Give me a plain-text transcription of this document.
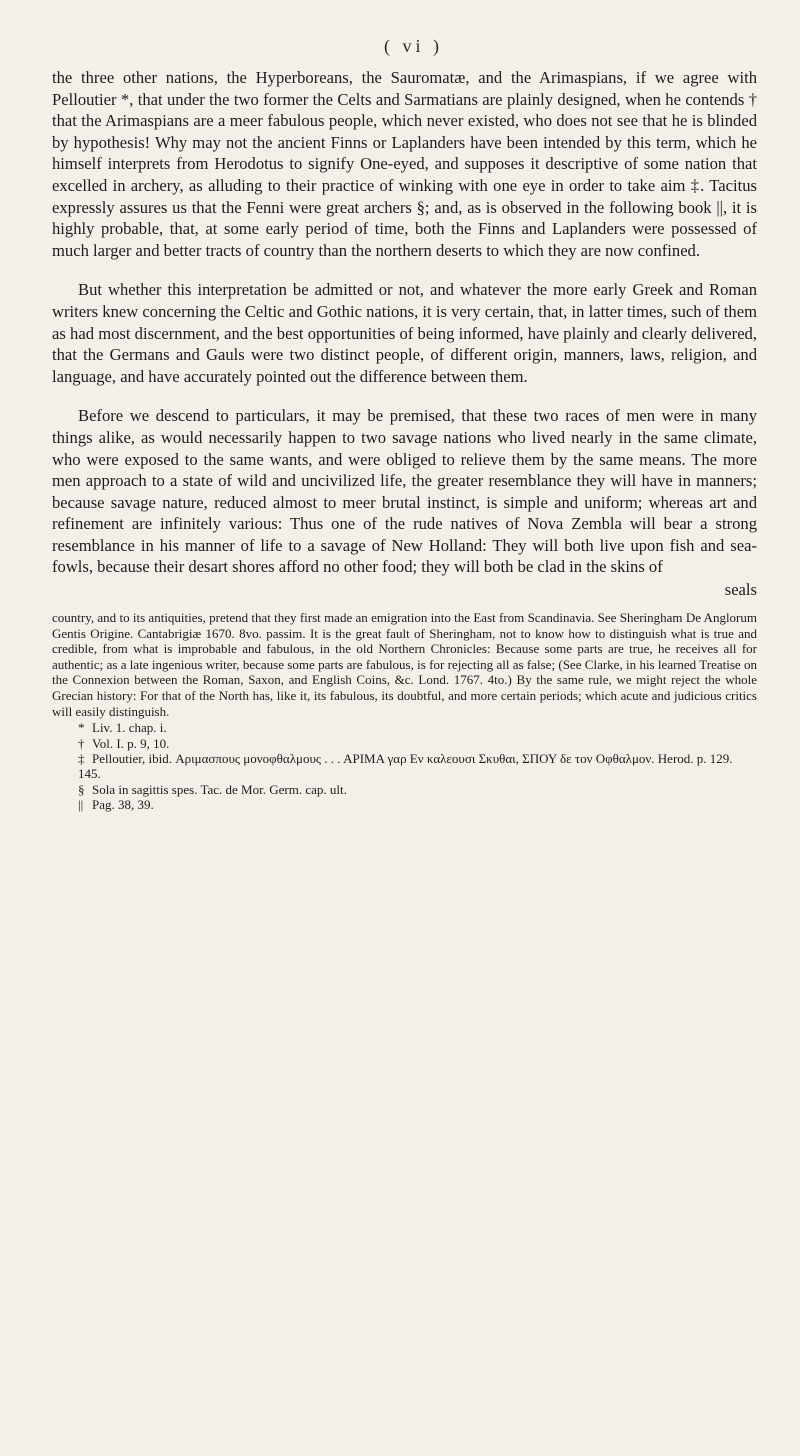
( vi )

the three other nations, the Hyperboreans, the Sauromatæ, and the Arimaspians, if we agree with Pelloutier *, that under the two former the Celts and Sarmatians are plainly designed, when he contends † that the Arimaspians are a meer fabulous people, which never existed, who does not see that he is blinded by hypothesis! Why may not the ancient Finns or Laplanders have been intended by this term, which he himself interprets from Herodotus to signify One-eyed, and supposes it descriptive of some nation that excelled in archery, as alluding to their practice of winking with one eye in order to take aim ‡. Tacitus expressly assures us that the Fenni were great archers §; and, as is observed in the following book ||, it is highly probable, that, at some early period of time, both the Finns and Laplanders were possessed of much larger and better tracts of country than the northern deserts to which they are now confined.

But whether this interpretation be admitted or not, and whatever the more early Greek and Roman writers knew concerning the Celtic and Gothic nations, it is very certain, that, in latter times, such of them as had most discernment, and the best opportunities of being informed, have plainly and clearly delivered, that the Germans and Gauls were two distinct people, of different origin, manners, laws, religion, and language, and have accurately pointed out the difference between them.

Before we descend to particulars, it may be premised, that these two races of men were in many things alike, as would necessarily happen to two savage nations who lived nearly in the same climate, who were exposed to the same wants, and were obliged to relieve them by the same means. The more men approach to a state of wild and uncivilized life, the greater resemblance they will have in manners; because savage nature, reduced almost to meer brutal instinct, is simple and uniform; whereas art and refinement are infinitely various: Thus one of the rude natives of Nova Zembla will bear a strong resemblance in his manner of life to a savage of New Holland: They will both live upon fish and sea-fowls, because their desart shores afford no other food; they will both be clad in the skins of

seals

country, and to its antiquities, pretend that they first made an emigration into the East from Scandinavia. See Sheringham De Anglorum Gentis Origine. Cantabrigiæ 1670. 8vo. passim. It is the great fault of Sheringham, not to know how to distinguish what is true and credible, from what is improbable and fabulous, in the old Northern Chronicles: Because some parts are true, he receives all for authentic; as a late ingenious writer, because some parts are fabulous, is for rejecting all as false; (See Clarke, in his learned Treatise on the Connexion between the Roman, Saxon, and English Coins, &c. Lond. 1767. 4to.) By the same rule, we might reject the whole Grecian history: For that of the North has, like it, its fabulous, its doubtful, and more certain periods; which acute and judicious critics will easily distinguish.

* Liv. 1. chap. i.
† Vol. I. p. 9, 10.
‡ Pelloutier, ibid. Αριμασπους μονοφθαλμους . . . ΑΡΙΜΑ γαρ Εν καλεουσι Σκυθαι, ΣΠΟΥ δε τον Οφθαλμον. Herod. p. 129. 145.
§ Sola in sagittis spes. Tac. de Mor. Germ. cap. ult.
|| Pag. 38, 39.
